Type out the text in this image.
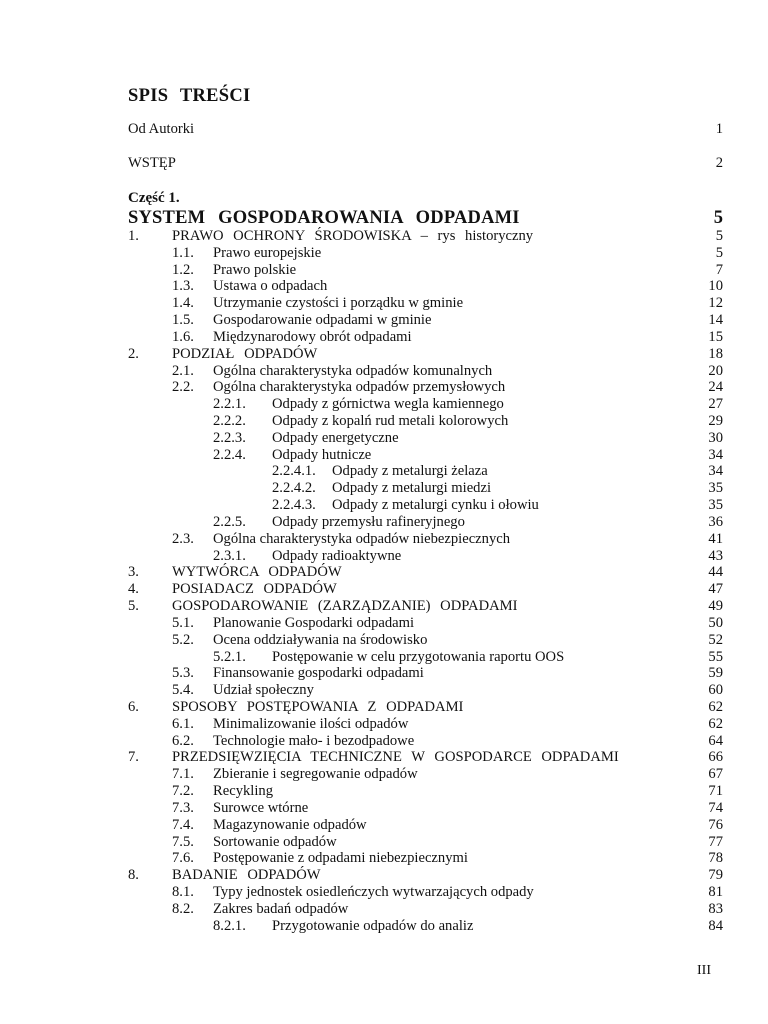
SPIS TREŚCI
Od Autorki	1
WSTĘP	2
Część 1.
SYSTEM GOSPODAROWANIA ODPADAMI	5
1. PRAWO OCHRONY ŚRODOWISKA – rys historyczny	5
1.1. Prawo europejskie	5
1.2. Prawo polskie	7
1.3. Ustawa o odpadach	10
1.4. Utrzymanie czystości i porządku w gminie	12
1.5. Gospodarowanie odpadami w gminie	14
1.6. Międzynarodowy obrót odpadami	15
2. PODZIAŁ ODPADÓW	18
2.1. Ogólna charakterystyka odpadów komunalnych	20
2.2. Ogólna charakterystyka odpadów przemysłowych	24
2.2.1. Odpady z górnictwa wegla kamiennego	27
2.2.2. Odpady z kopalń rud metali kolorowych	29
2.2.3. Odpady energetyczne	30
2.2.4. Odpady hutnicze	34
2.2.4.1. Odpady z metalurgi żelaza	34
2.2.4.2. Odpady z metalurgi miedzi	35
2.2.4.3. Odpady z metalurgi cynku i ołowiu	35
2.2.5. Odpady przemysłu rafineryjnego	36
2.3. Ogólna charakterystyka odpadów niebezpiecznych	41
2.3.1. Odpady radioaktywne	43
3. WYTWÓRCA ODPADÓW	44
4. POSIADACZ ODPADÓW	47
5. GOSPODAROWANIE (ZARZĄDZANIE) ODPADAMI	49
5.1. Planowanie Gospodarki odpadami	50
5.2. Ocena oddziaływania na środowisko	52
5.2.1. Postępowanie w celu przygotowania raportu OOS	55
5.3. Finansowanie gospodarki odpadami	59
5.4. Udział społeczny	60
6. SPOSOBY POSTĘPOWANIA Z ODPADAMI	62
6.1. Minimalizowanie ilości odpadów	62
6.2. Technologie mało- i bezodpadowe	64
7. PRZEDSIĘWZIĘCIA TECHNICZNE W GOSPODARCE ODPADAMI	66
7.1. Zbieranie i segregowanie odpadów	67
7.2. Recykling	71
7.3. Surowce wtórne	74
7.4. Magazynowanie odpadów	76
7.5. Sortowanie odpadów	77
7.6. Postępowanie z odpadami niebezpiecznymi	78
8. BADANIE ODPADÓW	79
8.1. Typy jednostek osiedleńczych wytwarzających odpady	81
8.2. Zakres badań odpadów	83
8.2.1. Przygotowanie odpadów do analiz	84
III
